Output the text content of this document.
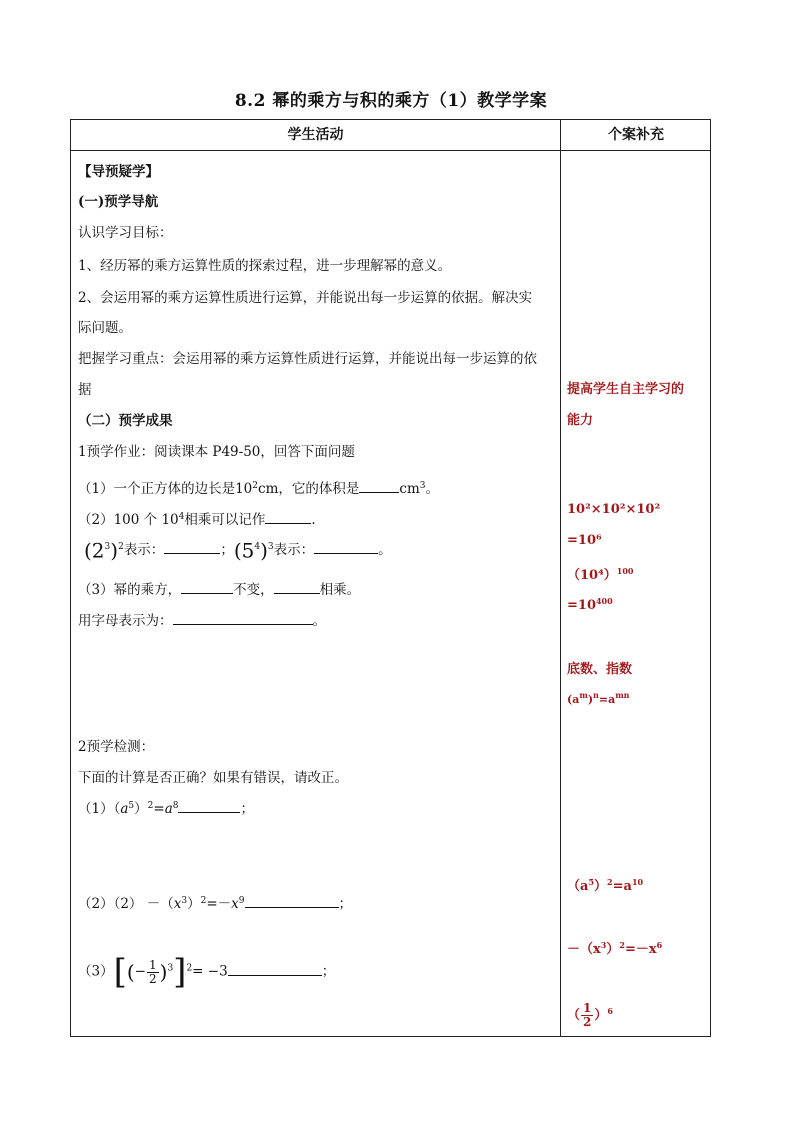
8.2 幂的乘方与积的乘方（1）教学学案
学生活动	个案补充
【导预疑学】
(一)预学导航
认识学习目标：
1、经历幂的乘方运算性质的探索过程，进一步理解幂的意义。
2、会运用幂的乘方运算性质进行运算，并能说出每一步运算的依据。解决实
际问题。
把握学习重点：会运用幂的乘方运算性质进行运算，并能说出每一步运算的依
据
（二）预学成果
1预学作业：阅读课本 P49-50，回答下面问题
（1）一个正方体的边长是$10^2cm$，它的体积是	$cm^3$。
（2）100 个 $10^4$相乘可以记作	.
$(2^3)^2$表示：	；$(5^4)^3$表示：	。
（3）幂的乘方，	不变，	相乘。
用字母表示为：	。
2预学检测：
下面的计算是否正确？如果有错误，请改正。
$(1)(a^5)^2=a^8$	；
$(2)(2) -(x^3)^2=-x^9$	；
$(3)[(- \frac{1}{2} )^3]^2= -3$	；
提高学生自主学习的
能力
10²×10²×10²
=10⁶
$(10^4)^{100}$
$=10^{400}$
底数、指数
$(a^m)^n=a^{mn}$
$(a^5)^2=a^{10}$
$-(x^3)^2=-x^6$
（ $\frac{1}{2} )^6$
